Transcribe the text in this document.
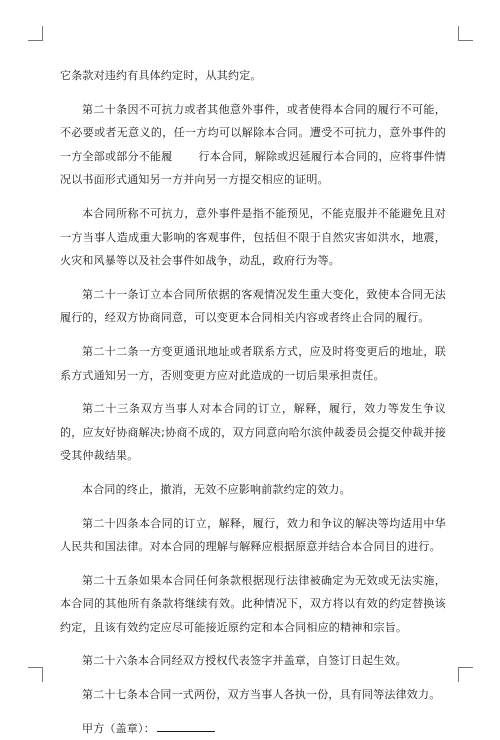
它条款对违约有具体约定时，从其约定。

第二十条因不可抗力或者其他意外事件，或者使得本合同的履行不可能，不必要或者无意义的，任一方均可以解除本合同。遭受不可抗力，意外事件的一方全部或部分不能履 行本合同，解除或迟延履行本合同的，应将事件情况以书面形式通知另一方并向另一方提交相应的证明。

本合同所称不可抗力，意外事件是指不能预见，不能克服并不能避免且对一方当事人造成重大影响的客观事件，包括但不限于自然灾害如洪水，地震，火灾和风暴等以及社会事件如战争，动乱，政府行为等。

第二十一条订立本合同所依据的客观情况发生重大变化，致使本合同无法履行的，经双方协商同意，可以变更本合同相关内容或者终止合同的履行。

第二十二条一方变更通讯地址或者联系方式，应及时将变更后的地址，联系方式通知另一方，否则变更方应对此造成的一切后果承担责任。

第二十三条双方当事人对本合同的订立，解释，履行，效力等发生争议的，应友好协商解决;协商不成的，双方同意向哈尔滨仲裁委员会提交仲裁并接受其仲裁结果。

本合同的终止，撤消，无效不应影响前款约定的效力。

第二十四条本合同的订立，解释，履行，效力和争议的解决等均适用中华人民共和国法律。对本合同的理解与解释应根据原意并结合本合同目的进行。

第二十五条如果本合同任何条款根据现行法律被确定为无效或无法实施，本合同的其他所有条款将继续有效。此种情况下，双方将以有效的约定替换该约定，且该有效约定应尽可能接近原约定和本合同相应的精神和宗旨。

第二十六条本合同经双方授权代表签字并盖章，自签订日起生效。

第二十七条本合同一式两份，双方当事人各执一份，具有同等法律效力。

甲方（盖章）：
